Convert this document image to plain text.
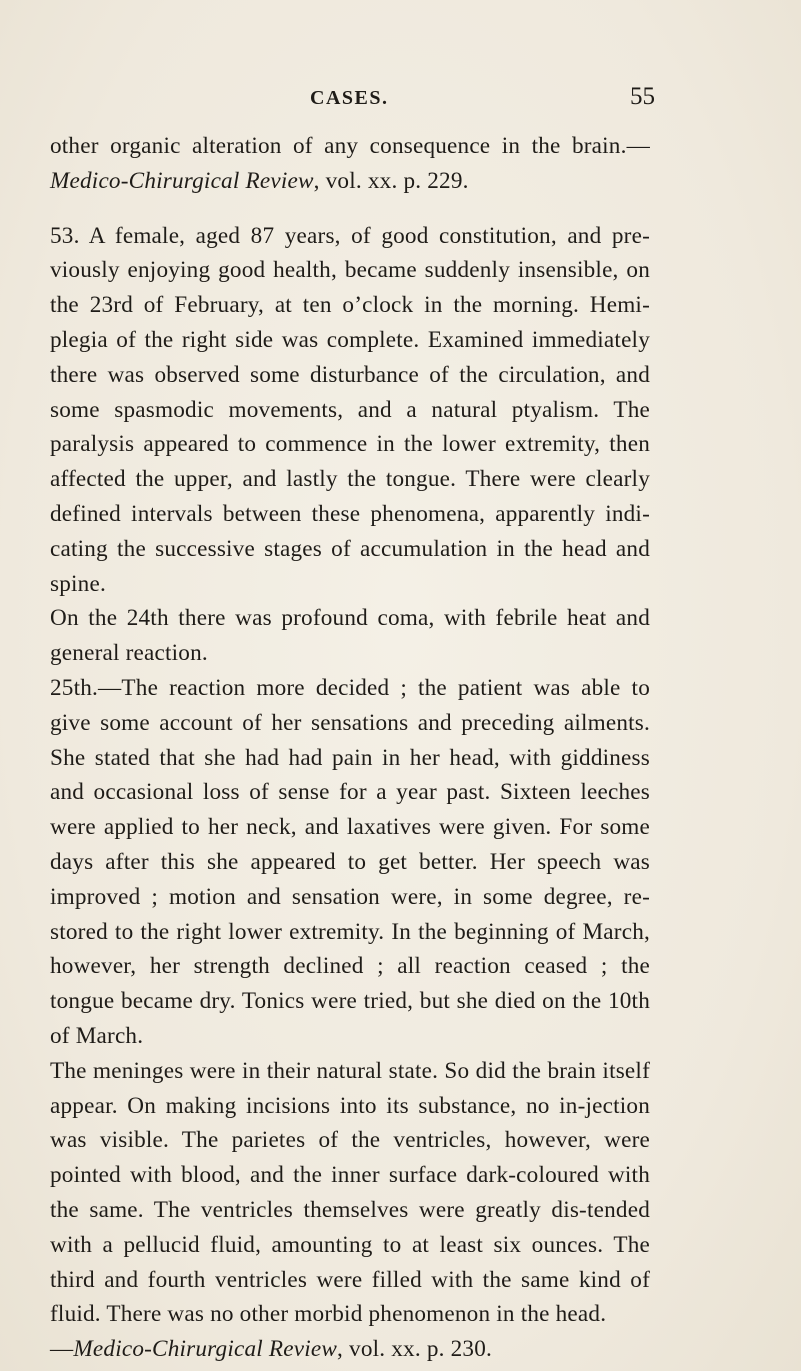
CASES.	55

other organic alteration of any consequence in the brain.— Medico-Chirurgical Review, vol. xx. p. 229.

53. A female, aged 87 years, of good constitution, and pre-viously enjoying good health, became suddenly insensible, on the 23rd of February, at ten o’clock in the morning. Hemi-plegia of the right side was complete. Examined immediately there was observed some disturbance of the circulation, and some spasmodic movements, and a natural ptyalism. The paralysis appeared to commence in the lower extremity, then affected the upper, and lastly the tongue. There were clearly defined intervals between these phenomena, apparently indi-cating the successive stages of accumulation in the head and spine.

On the 24th there was profound coma, with febrile heat and general reaction.

25th.—The reaction more decided ; the patient was able to give some account of her sensations and preceding ailments. She stated that she had had pain in her head, with giddiness and occasional loss of sense for a year past. Sixteen leeches were applied to her neck, and laxatives were given. For some days after this she appeared to get better. Her speech was improved ; motion and sensation were, in some degree, re-stored to the right lower extremity. In the beginning of March, however, her strength declined ; all reaction ceased ; the tongue became dry. Tonics were tried, but she died on the 10th of March.

The meninges were in their natural state. So did the brain itself appear. On making incisions into its substance, no in-jection was visible. The parietes of the ventricles, however, were pointed with blood, and the inner surface dark-coloured with the same. The ventricles themselves were greatly dis-tended with a pellucid fluid, amounting to at least six ounces. The third and fourth ventricles were filled with the same kind of fluid. There was no other morbid phenomenon in the head.

—Medico-Chirurgical Review, vol. xx. p. 230.
